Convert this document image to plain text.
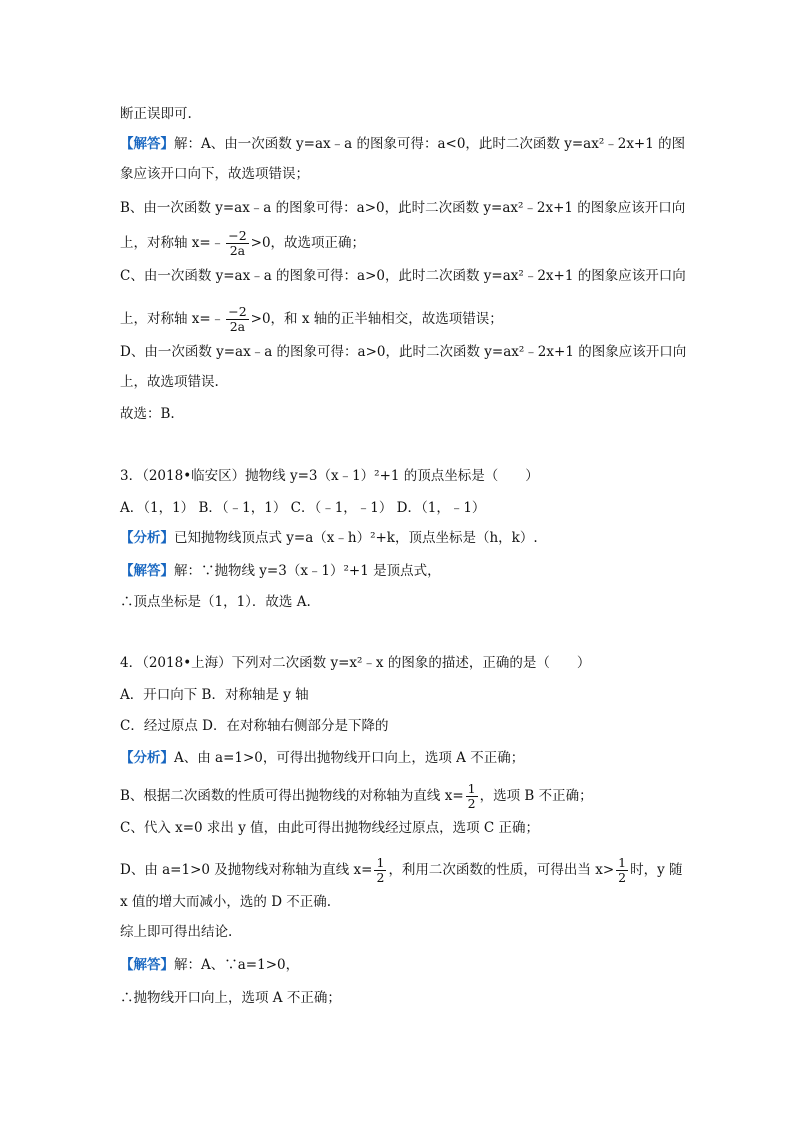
断正误即可.
【解答】解：A、由一次函数 y=ax﹣a 的图象可得：a<0，此时二次函数 y=ax²﹣2x+1 的图
象应该开口向下，故选项错误；
B、由一次函数 y=ax﹣a 的图象可得：a>0，此时二次函数 y=ax²﹣2x+1 的图象应该开口向
上，对称轴 x=﹣ $\frac{-2}{2a} >0$，故选项正确；
C、由一次函数 y=ax﹣a 的图象可得：a>0，此时二次函数 y=ax²﹣2x+1 的图象应该开口向
上，对称轴 x=﹣ $\frac{-2}{2a} >0$，和 x 轴的正半轴相交，故选项错误；
D、由一次函数 y=ax﹣a 的图象可得：a>0，此时二次函数 y=ax²﹣2x+1 的图象应该开口向
上，故选项错误.
故选：B.
3．（2018•临安区）抛物线 y=3（x﹣1）²+1 的顶点坐标是（　　）
A．（1，1） B．（﹣1，1） C．（﹣1，﹣1） D．（1，﹣1）
【分析】已知抛物线顶点式 y=a（x﹣h）²+k，顶点坐标是（h，k）.
【解答】解：∵抛物线 y=3（x﹣1）²+1 是顶点式，
∴顶点坐标是（1，1）．故选 A.
4．（2018•上海）下列对二次函数 y=x²﹣x 的图象的描述，正确的是（　　）
A．开口向下 B．对称轴是 y 轴
C．经过原点 D．在对称轴右侧部分是下降的
【分析】A、由 a=1>0，可得出抛物线开口向上，选项 A 不正确；
B、根据二次函数的性质可得出抛物线的对称轴为直线 $x= \frac{1}{2}$ ，选项 B 不正确；
C、代入 x=0 求出 y 值，由此可得出抛物线经过原点，选项 C 正确；
D、由 a=1>0 及抛物线对称轴为直线 $x= \frac{1}{2}$ ，利用二次函数的性质，可得出当 $x> \frac{1}{2}$ 时，y 随
x 值的增大而减小，选的 D 不正确.
综上即可得出结论.
【解答】解：A、∵a=1>0，
∴抛物线开口向上，选项 A 不正确；
